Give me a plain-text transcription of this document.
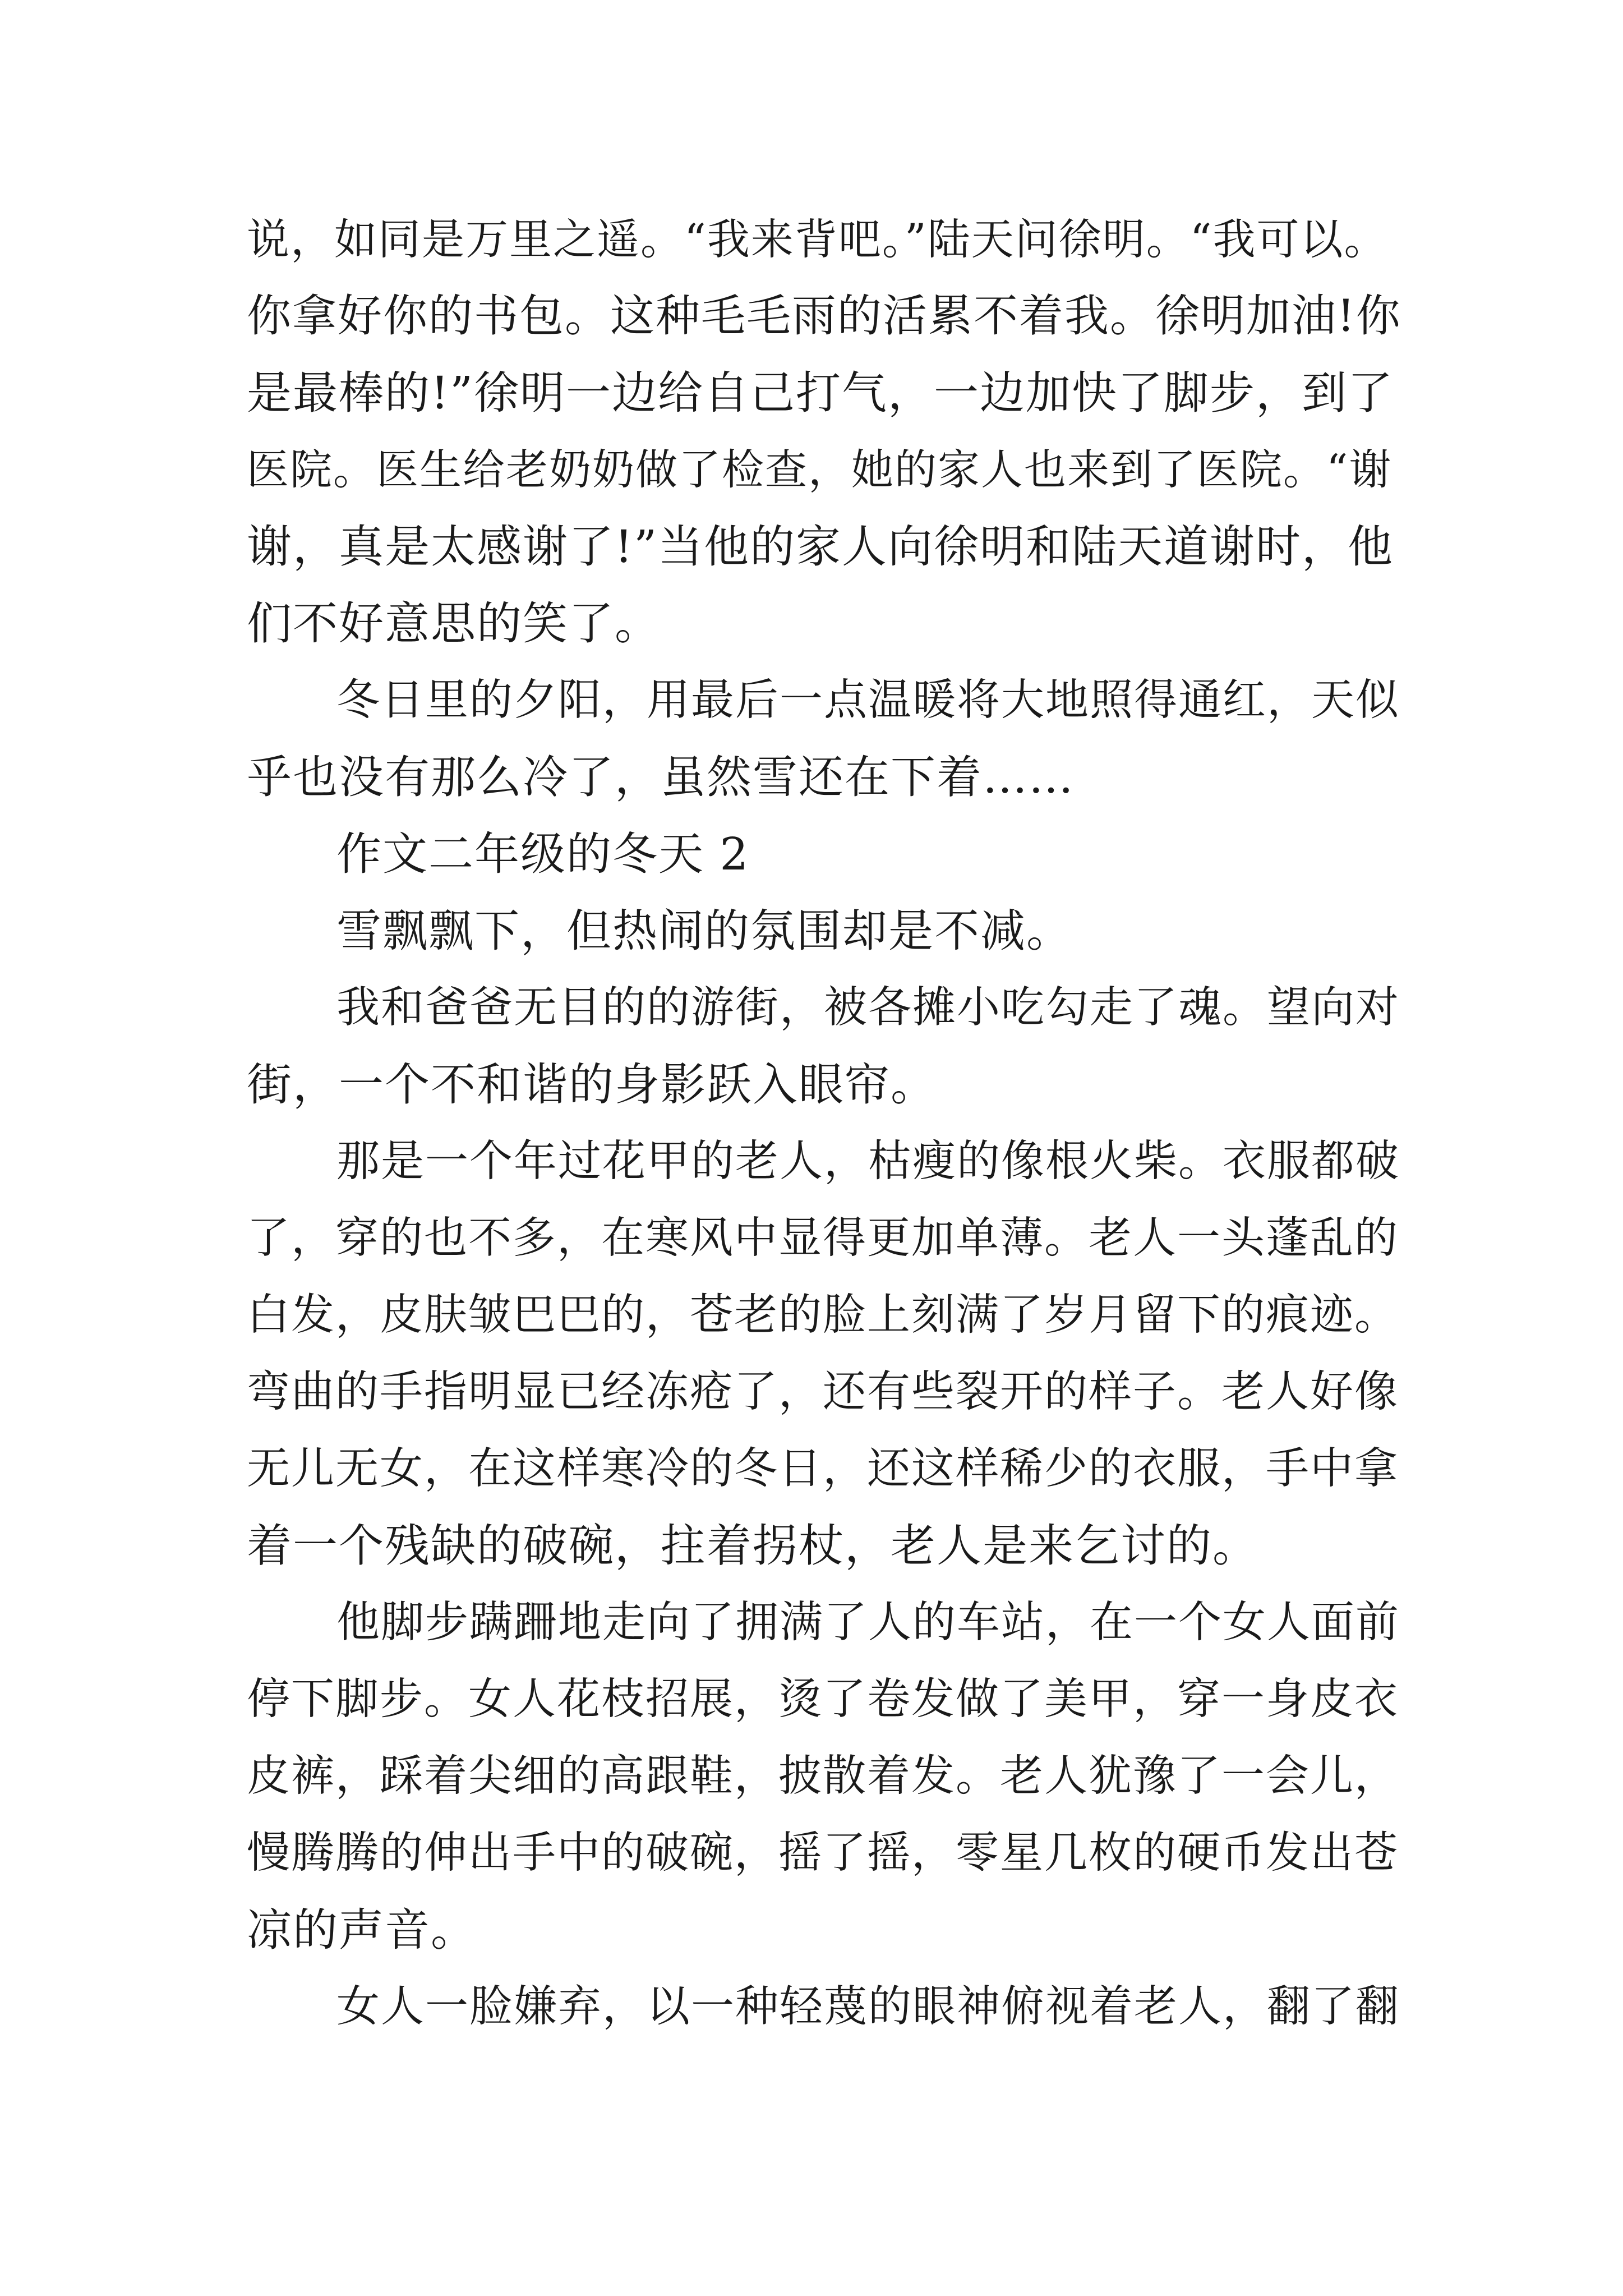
说，如同是万里之遥。“我来背吧。”陆天问徐明。“我可以。
你拿好你的书包。这种毛毛雨的活累不着我。徐明加油!你
是最棒的!”徐明一边给自己打气，一边加快了脚步，到了
医院。医生给老奶奶做了检查，她的家人也来到了医院。“谢
谢，真是太感谢了!”当他的家人向徐明和陆天道谢时，他
们不好意思的笑了。
冬日里的夕阳，用最后一点温暖将大地照得通红，天似
乎也没有那么冷了，虽然雪还在下着……
作文二年级的冬天 2
雪飘飘下，但热闹的氛围却是不减。
我和爸爸无目的的游街，被各摊小吃勾走了魂。望向对
街，一个不和谐的身影跃入眼帘。
那是一个年过花甲的老人，枯瘦的像根火柴。衣服都破
了，穿的也不多，在寒风中显得更加单薄。老人一头蓬乱的
白发，皮肤皱巴巴的，苍老的脸上刻满了岁月留下的痕迹。
弯曲的手指明显已经冻疮了，还有些裂开的样子。老人好像
无儿无女，在这样寒冷的冬日，还这样稀少的衣服，手中拿
着一个残缺的破碗，拄着拐杖，老人是来乞讨的。
他脚步蹒跚地走向了拥满了人的车站，在一个女人面前
停下脚步。女人花枝招展，烫了卷发做了美甲，穿一身皮衣
皮裤，踩着尖细的高跟鞋，披散着发。老人犹豫了一会儿，
慢腾腾的伸出手中的破碗，摇了摇，零星几枚的硬币发出苍
凉的声音。
女人一脸嫌弃，以一种轻蔑的眼神俯视着老人，翻了翻
